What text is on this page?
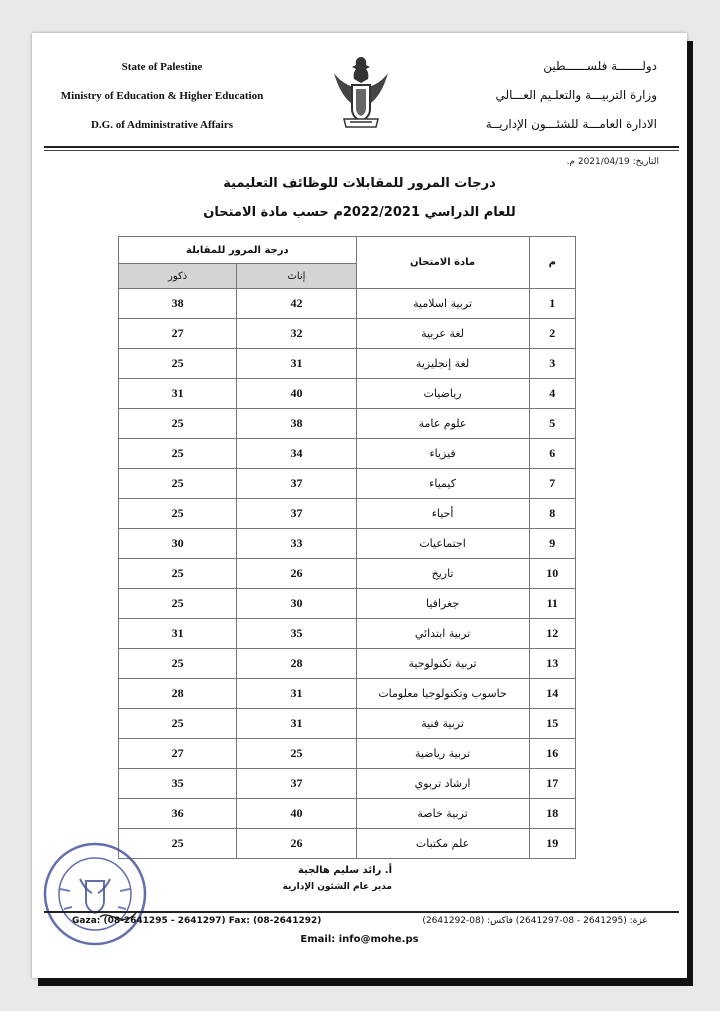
State of Palestine
Ministry of Education & Higher Education
D.G. of Administrative Affairs
دولـــــــة فلســــــطين
وزارة التربيـــة والتعلـيم العـــالي
الادارة العامـــة للشئـــون الإداريــة
التاريخ: 2021/04/19 م.
درجات المرور للمقابلات للوظائف التعليمية
للعام الدراسي 2022/2021م حسب مادة الامتحان
م	مادة الامتحان	درجة المرور للمقابلة	
		إناث	ذكور
1	تربية اسلامية	42	38
2	لغة عربية	32	27
3	لغة إنجليزية	31	25
4	رياضيات	40	31
5	علوم عامة	38	25
6	فيزياء	34	25
7	كيمياء	37	25
8	أحياء	37	25
9	اجتماعيات	33	30
10	تاريخ	26	25
11	جغرافيا	30	25
12	تربية ابتدائي	35	31
13	تربية تكنولوجية	28	25
14	حاسوب وتكنولوجيا معلومات	31	28
15	تربية فنية	31	25
16	تربية رياضية	25	27
17	ارشاد تربوي	37	35
18	تربية خاصة	40	36
19	علم مكتبات	26	25
أ. رائد سليم هالجية
مدير عام الشئون الإدارية
Gaza: (08-2641295 - 2641297) Fax: (08-2641292)	غزة: (2641295 - 08-2641297) فاكس: (08-2641292)
Email: info@mohe.ps
